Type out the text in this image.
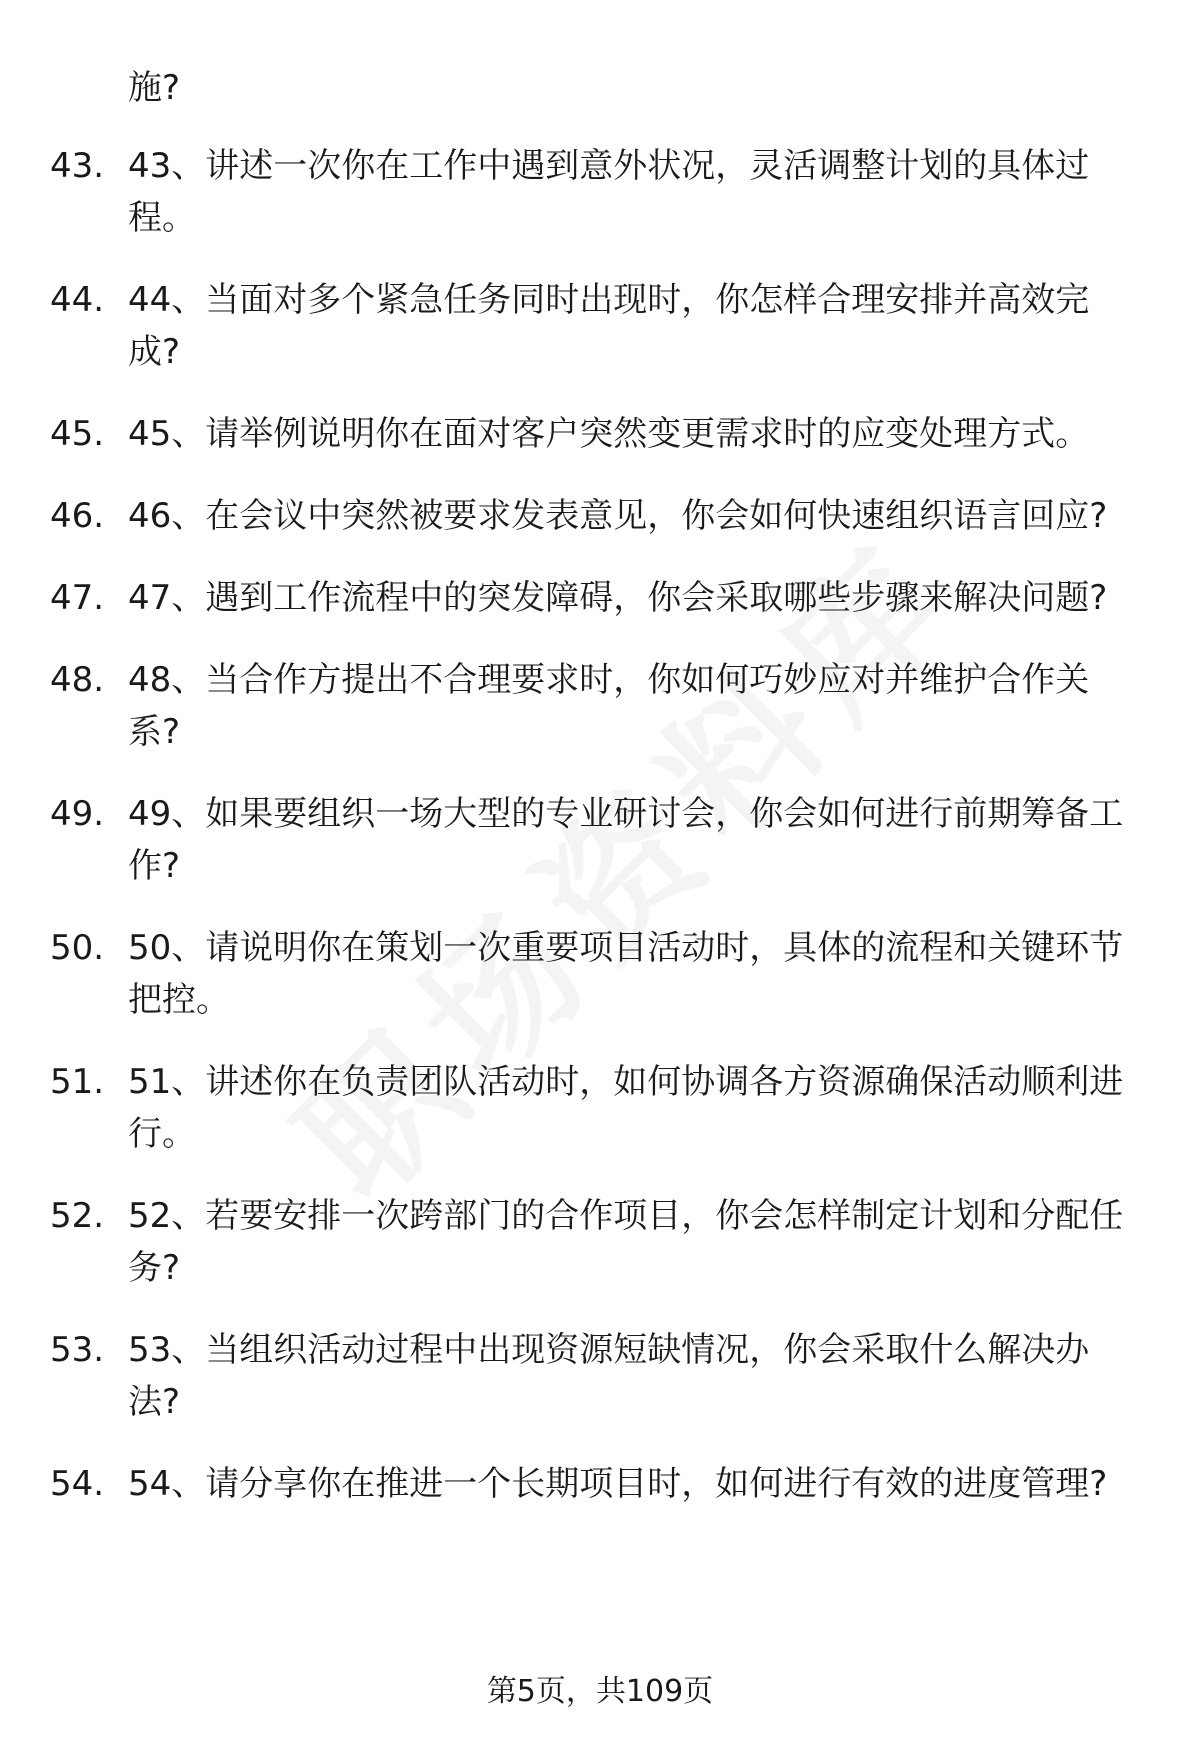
施?

43. 43、讲述一次你在工作中遇到意外状况，灵活调整计划的具体过程。
44. 44、当面对多个紧急任务同时出现时，你怎样合理安排并高效完成?
45. 45、请举例说明你在面对客户突然变更需求时的应变处理方式。
46. 46、在会议中突然被要求发表意见，你会如何快速组织语言回应?
47. 47、遇到工作流程中的突发障碍，你会采取哪些步骤来解决问题?
48. 48、当合作方提出不合理要求时，你如何巧妙应对并维护合作关系?
49. 49、如果要组织一场大型的专业研讨会，你会如何进行前期筹备工作?
50. 50、请说明你在策划一次重要项目活动时，具体的流程和关键环节把控。
51. 51、讲述你在负责团队活动时，如何协调各方资源确保活动顺利进行。
52. 52、若要安排一次跨部门的合作项目，你会怎样制定计划和分配任务?
53. 53、当组织活动过程中出现资源短缺情况，你会采取什么解决办法?
54. 54、请分享你在推进一个长期项目时，如何进行有效的进度管理?
第5页，共109页
